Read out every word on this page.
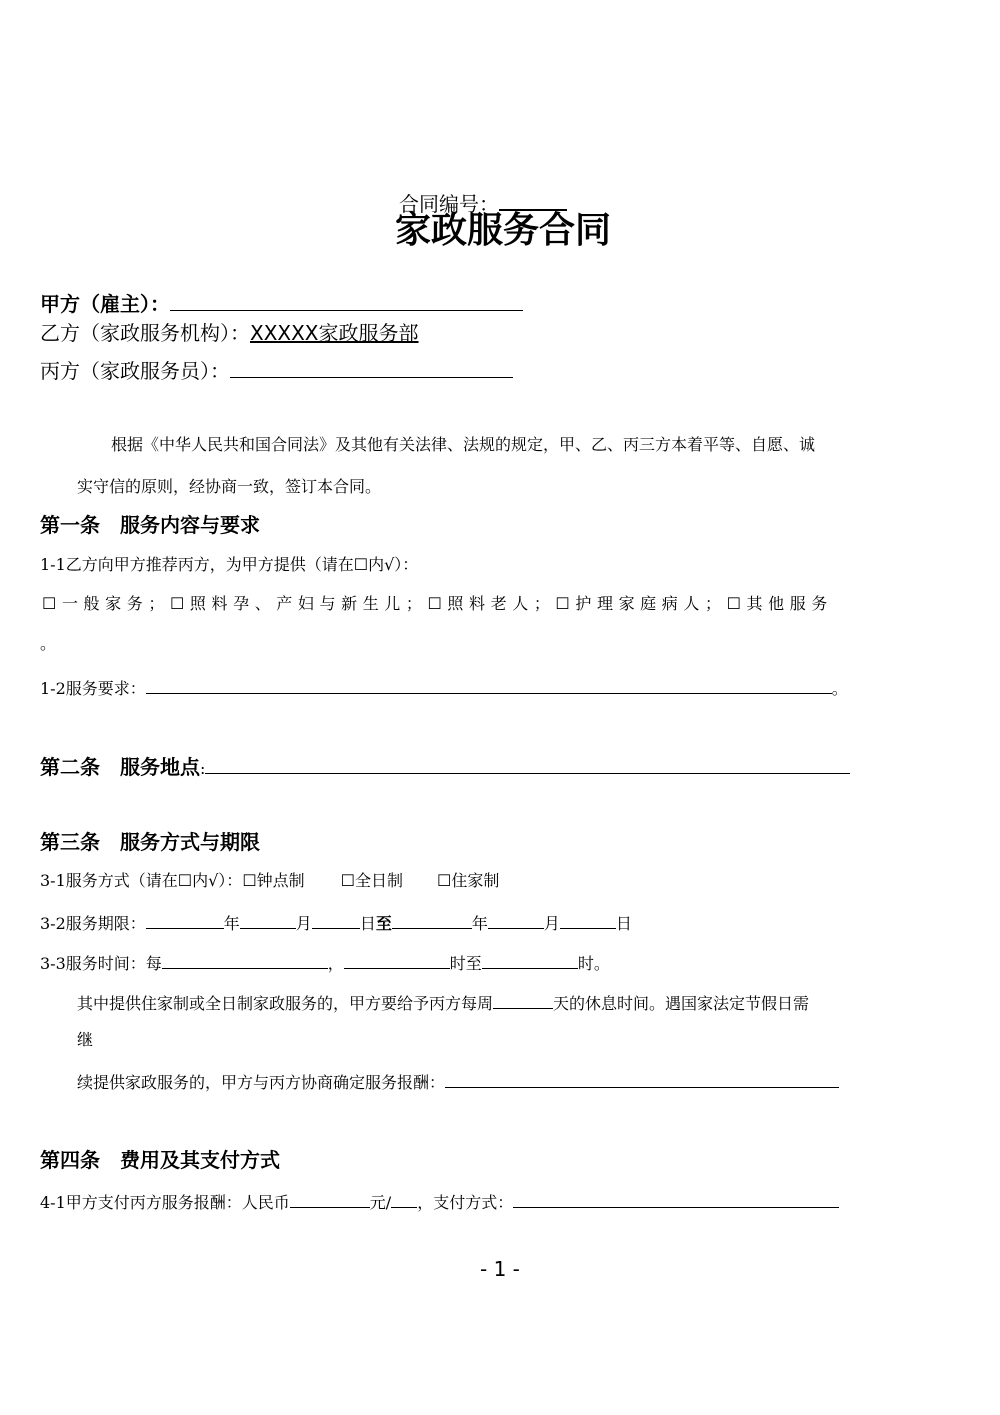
合同编号：
家政服务合同
甲方（雇主）：
乙方（家政服务机构）：XXXXX家政服务部
丙方（家政服务员）：
根据《中华人民共和国合同法》及其他有关法律、法规的规定，甲、乙、丙三方本着平等、自愿、诚
实守信的原则，经协商一致，签订本合同。
第一条　服务内容与要求
1-1乙方向甲方推荐丙方，为甲方提供（请在☐内√）：
☐一般家务；☐照料孕、产妇与新生儿；☐照料老人；☐护理家庭病人；☐其他服务
。
1-2服务要求：	。
第二条　服务地点:
第三条　服务方式与期限
3-1服务方式（请在☐内√）：☐钟点制 ☐全日制 ☐住家制
3-2服务期限：	年	月	日至	年	月	日
3-3服务时间：每	，	时至	时。
其中提供住家制或全日制家政服务的，甲方要给予丙方每周	天的休息时间。遇国家法定节假日需
继
续提供家政服务的，甲方与丙方协商确定服务报酬：
第四条　费用及其支付方式
4-1甲方支付丙方服务报酬：人民币	元/ ，支付方式：
- 1 -
